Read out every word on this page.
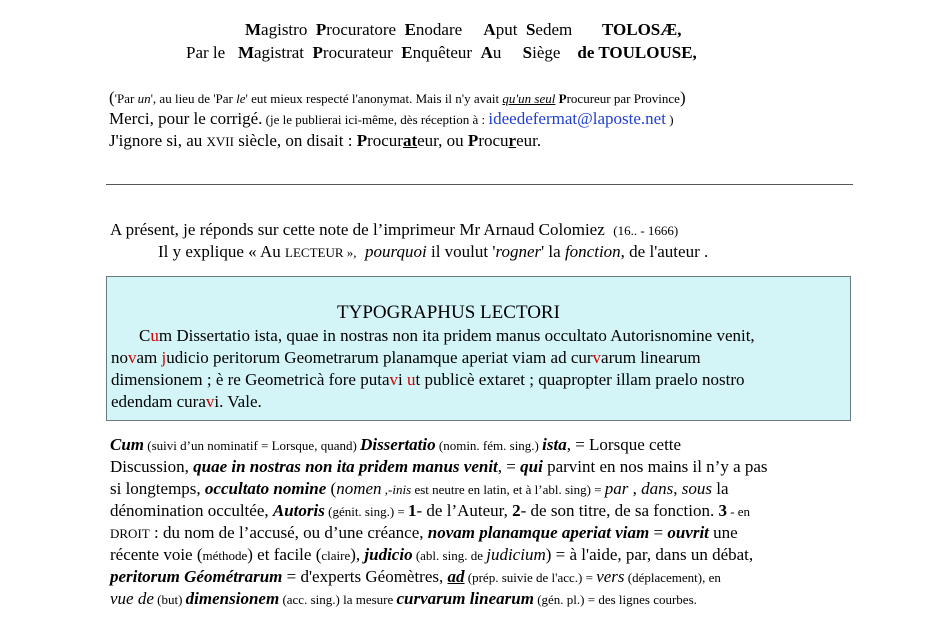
Magistro Procuratore Enodare Aput Sedem TOLOSÆ,
Par le Magistrat Procurateur Enquêteur Au Siège de TOULOUSE,
('Par un', au lieu de 'Par le' eut mieux respecté l'anonymat. Mais il n'y avait qu'un seul Procureur par Province)
Merci, pour le corrigé. (je le publierai ici-même, dès réception à : ideedefermat@laposte.net )
J'ignore si, au XVII siècle, on disait : Procurateur, ou Procureur.
A présent, je réponds sur cette note de l’imprimeur Mr Arnaud Colomiez (16.. - 1666)
Il y explique « Au LECTEUR », pourquoi il voulut 'rogner' la fonction, de l'auteur .
TYPOGRAPHUS LECTORI
Cum Dissertatio ista, quae in nostras non ita pridem manus occultato Autorisnomine venit,
novam judicio peritorum Geometrarum planamque aperiat viam ad curvarum linearum
dimensionem ; è re Geometricà fore putavi ut publicè extaret ; quapropter illam praelo nostro
edendam curavi. Vale.
Cum (suivi d’un nominatif = Lorsque, quand) Dissertatio (nomin. fém. sing.) ista, = Lorsque cette
Discussion, quae in nostras non ita pridem manus venit, = qui parvint en nos mains il n’y a pas
si longtemps, occultato nomine (nomen ,-inis est neutre en latin, et à l’abl. sing) = par , dans, sous la
dénomination occultée, Autoris (génit. sing.) = 1- de l’Auteur, 2- de son titre, de sa fonction. 3 - en
DROIT : du nom de l’accusé, ou d’une créance, novam planamque aperiat viam = ouvrit une
récente voie (méthode) et facile (claire), judicio (abl. sing. de judicium) = à l'aide, par, dans un débat,
peritorum Géométrarum = d'experts Géomètres, ad (prép. suivie de l'acc.) = vers (déplacement), en
vue de (but) dimensionem (acc. sing.) la mesure curvarum linearum (gén. pl.) = des lignes courbes.
